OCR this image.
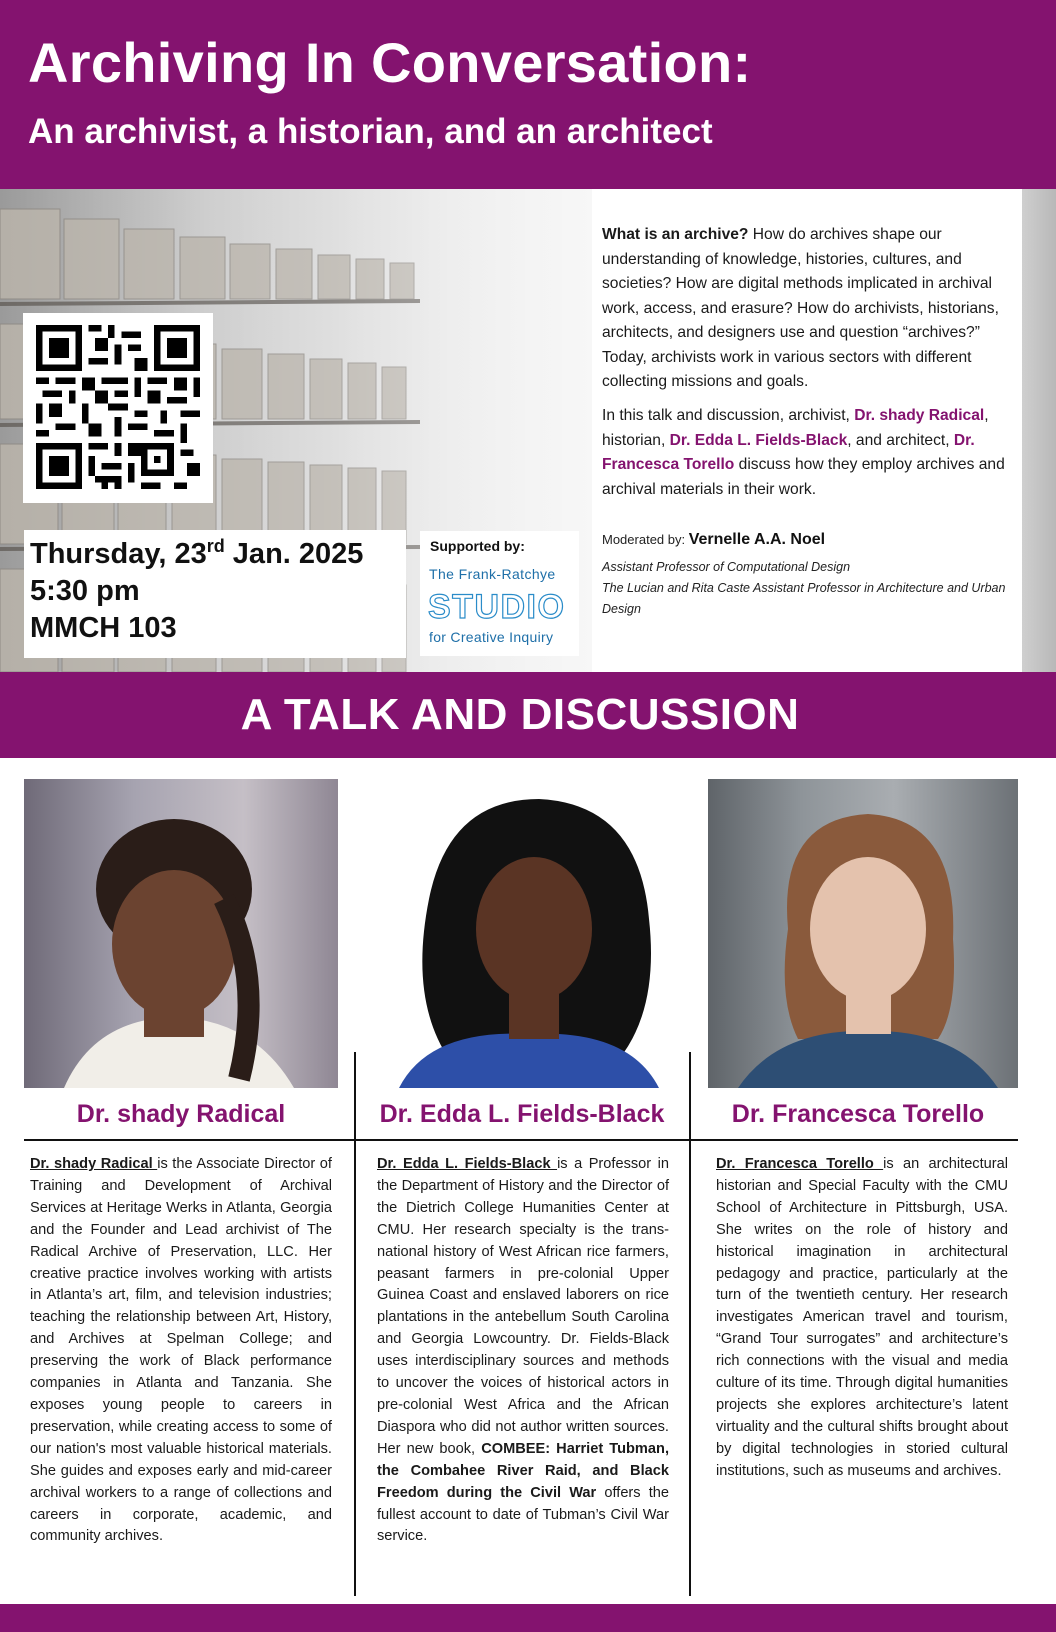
Archiving In Conversation:
An archivist, a historian, and an architect
Thursday, 23rd Jan. 2025
5:30 pm
MMCH 103
Supported by:
The Frank-Ratchye
STUDIO
for Creative Inquiry

What is an archive? How do archives shape our understanding of knowledge, histories, cultures, and societies? How are digital methods implicated in archival work, access, and erasure? How do archivists, historians, architects, and designers use and question “archives?” Today, archivists work in various sectors with different collecting missions and goals.

In this talk and discussion, archivist, Dr. shady Radical, historian, Dr. Edda L. Fields-Black, and architect, Dr. Francesca Torello discuss how they employ archives and archival materials in their work.

Moderated by: Vernelle A.A. Noel
Assistant Professor of Computational Design
The Lucian and Rita Caste Assistant Professor in Architecture and Urban Design
A TALK AND DISCUSSION
Dr. shady Radical	Dr. Edda L. Fields-Black	Dr. Francesca Torello
Dr. shady Radical is the Associate Director of Training and Development of Archival Services at Heritage Werks in Atlanta, Georgia and the Founder and Lead archivist of The Radical Archive of Preservation, LLC. Her creative practice involves working with artists in Atlanta’s art, film, and television industries; teaching the relationship between Art, History, and Archives at Spelman College; and preserving the work of Black performance companies in Atlanta and Tanzania. She exposes young people to careers in preservation, while creating access to some of our nation's most valuable historical materials. She guides and exposes early and mid-career archival workers to a range of collections and careers in corporate, academic, and community archives.
Dr. Edda L. Fields-Black is a Professor in the Department of History and the Director of the Dietrich College Humanities Center at CMU. Her research specialty is the trans-national history of West African rice farmers, peasant farmers in pre-colonial Upper Guinea Coast and enslaved laborers on rice plantations in the antebellum South Carolina and Georgia Lowcountry. Dr. Fields-Black uses interdisciplinary sources and methods to uncover the voices of historical actors in pre-colonial West Africa and the African Diaspora who did not author written sources. Her new book, COMBEE: Harriet Tubman, the Combahee River Raid, and Black Freedom during the Civil War offers the fullest account to date of Tubman’s Civil War service.
Dr. Francesca Torello is an architectural historian and Special Faculty with the CMU School of Architecture in Pittsburgh, USA. She writes on the role of history and historical imagination in architectural pedagogy and practice, particularly at the turn of the twentieth century. Her research investigates American travel and tourism, “Grand Tour surrogates” and architecture’s rich connections with the visual and media culture of its time. Through digital humanities projects she explores architecture’s latent virtuality and the cultural shifts brought about by digital technologies in storied cultural institutions, such as museums and archives.
